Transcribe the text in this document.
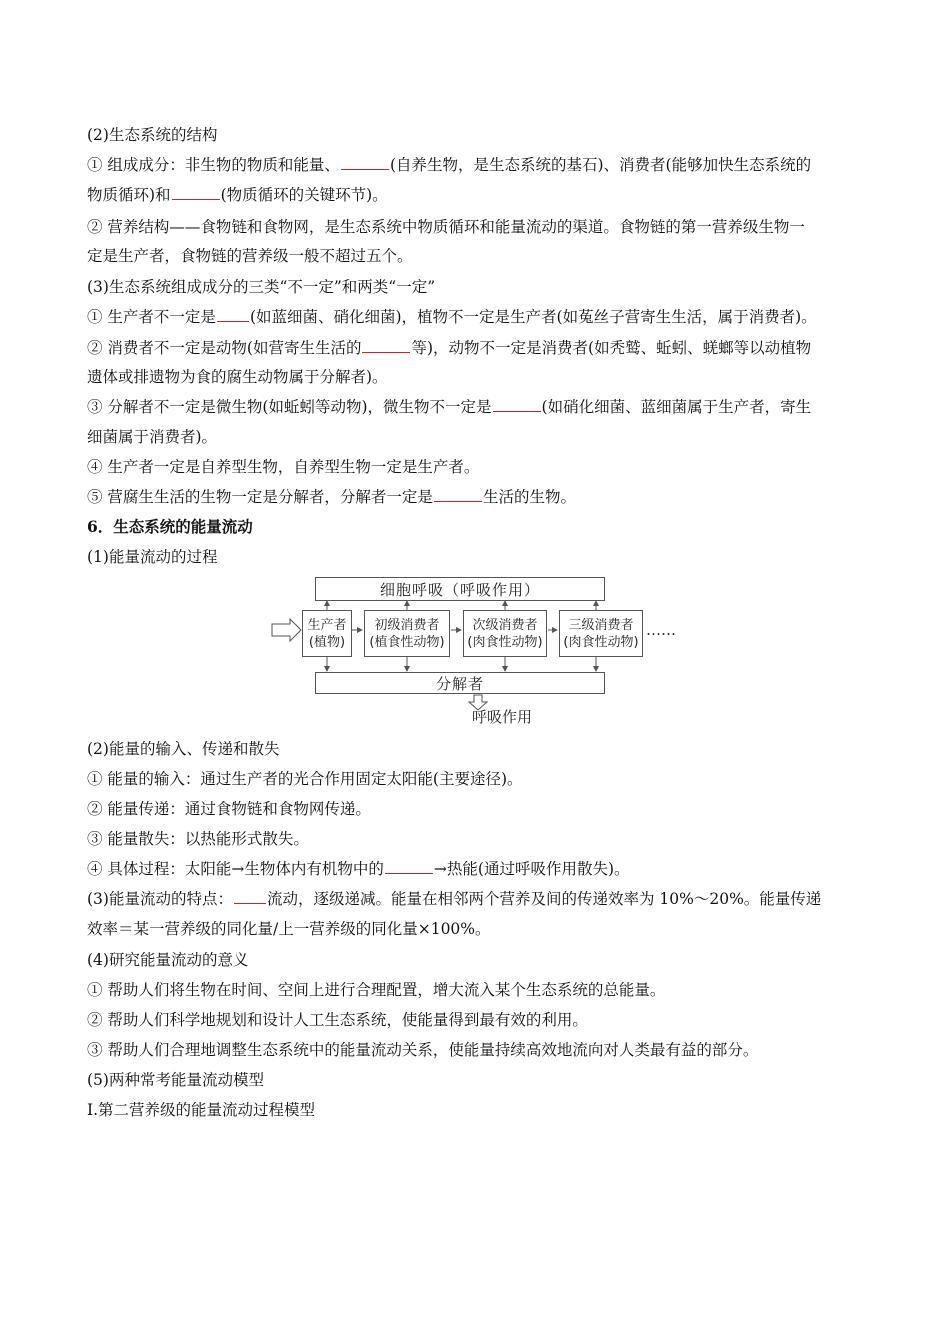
(2)生态系统的结构
① 组成成分：非生物的物质和能量、	(自养生物，是生态系统的基石)、消费者(能够加快生态系统的
物质循环)和	(物质循环的关键环节)。
② 营养结构——食物链和食物网，是生态系统中物质循环和能量流动的渠道。食物链的第一营养级生物一
定是生产者，食物链的营养级一般不超过五个。
(3)生态系统组成成分的三类“不一定”和两类“一定”
① 生产者不一定是 (如蓝细菌、硝化细菌)，植物不一定是生产者(如菟丝子营寄生生活，属于消费者)。
② 消费者不一定是动物(如营寄生生活的	等)，动物不一定是消费者(如秃鹫、蚯蚓、蜣螂等以动植物
遗体或排遗物为食的腐生动物属于分解者)。
③ 分解者不一定是微生物(如蚯蚓等动物)，微生物不一定是	(如硝化细菌、蓝细菌属于生产者，寄生
细菌属于消费者)。
④ 生产者一定是自养型生物，自养型生物一定是生产者。
⑤ 营腐生生活的生物一定是分解者，分解者一定是	生活的生物。
6．生态系统的能量流动
(1)能量流动的过程
(2)能量的输入、传递和散失
① 能量的输入：通过生产者的光合作用固定太阳能(主要途径)。
② 能量传递：通过食物链和食物网传递。
③ 能量散失：以热能形式散失。
④ 具体过程：太阳能→生物体内有机物中的	→热能(通过呼吸作用散失)。
(3)能量流动的特点： 流动，逐级递减。能量在相邻两个营养及间的传递效率为 10%～20%。能量传递
效率＝某一营养级的同化量/上一营养级的同化量×100%。
(4)研究能量流动的意义
① 帮助人们将生物在时间、空间上进行合理配置，增大流入某个生态系统的总能量。
② 帮助人们科学地规划和设计人工生态系统，使能量得到最有效的利用。
③ 帮助人们合理地调整生态系统中的能量流动关系，使能量持续高效地流向对人类最有益的部分。
(5)两种常考能量流动模型
Ⅰ.第二营养级的能量流动过程模型
细胞呼吸（呼吸作用）
生产者
(植物)
初级消费者
(植食性动物)
次级消费者
(肉食性动物)
三级消费者
(肉食性动物)
……
分解者
呼吸作用
